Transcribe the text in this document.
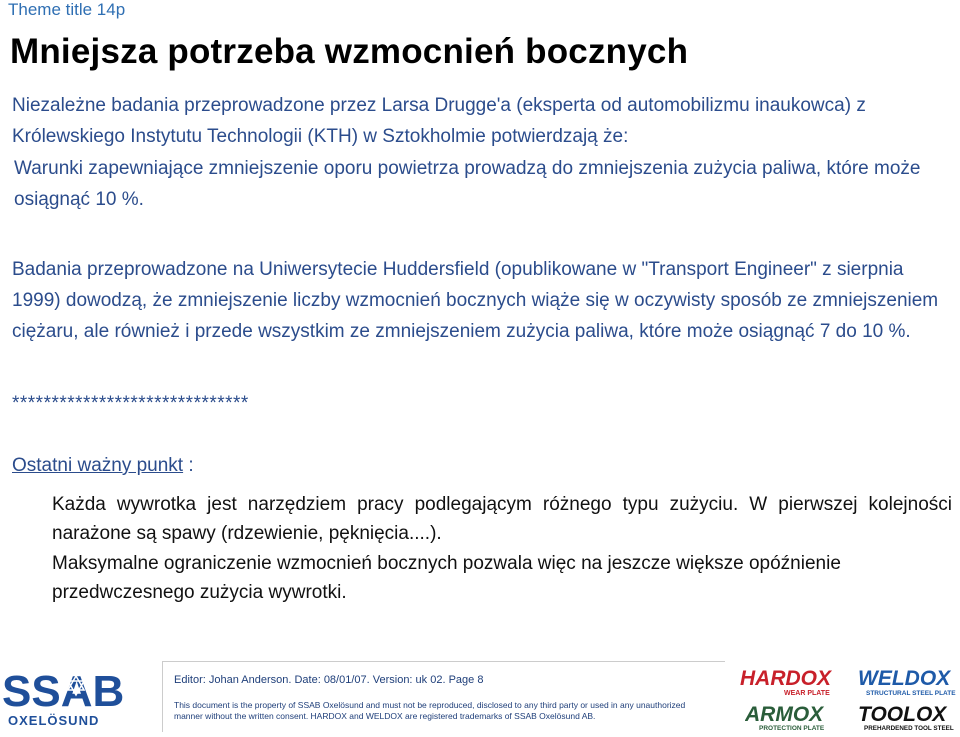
Theme title 14p
Mniejsza potrzeba wzmocnień bocznych
Niezależne badania przeprowadzone przez Larsa Drugge'a (eksperta od automobilizmu inaukowca) z Królewskiego Instytutu Technologii (KTH) w Sztokholmie potwierdzają że:
Warunki zapewniające zmniejszenie oporu powietrza prowadzą do zmniejszenia zużycia paliwa, które może osiągnąć 10 %.
Badania przeprowadzone na Uniwersytecie Huddersfield (opublikowane w "Transport Engineer" z sierpnia 1999) dowodzą, że zmniejszenie liczby wzmocnień bocznych wiąże się w oczywisty sposób ze zmniejszeniem ciężaru, ale również i przede wszystkim ze zmniejszeniem zużycia paliwa, które może osiągnąć 7 do 10 %.
******************************
Ostatni ważny punkt :
Każda wywrotka jest narzędziem pracy podlegającym różnego typu zużyciu. W pierwszej kolejności narażone są spawy (rdzewienie, pęknięcia....).
Maksymalne ograniczenie wzmocnień bocznych pozwala więc na jeszcze większe opóźnienie przedwczesnego zużycia wywrotki.
Editor: Johan Anderson. Date: 08/01/07. Version: uk 02. Page 8
This document is the property of SSAB Oxelösund and must not be reproduced, disclosed to any third party or used in any unauthorized manner without the written consent. HARDOX and WELDOX are registered trademarks of SSAB Oxelösund AB.
SSAB
OXELÖSUND
HARDOX
WEAR PLATE
WELDOX
STRUCTURAL STEEL PLATE
ARMOX
PROTECTION PLATE
TOOLOX
PREHARDENED TOOL STEEL
